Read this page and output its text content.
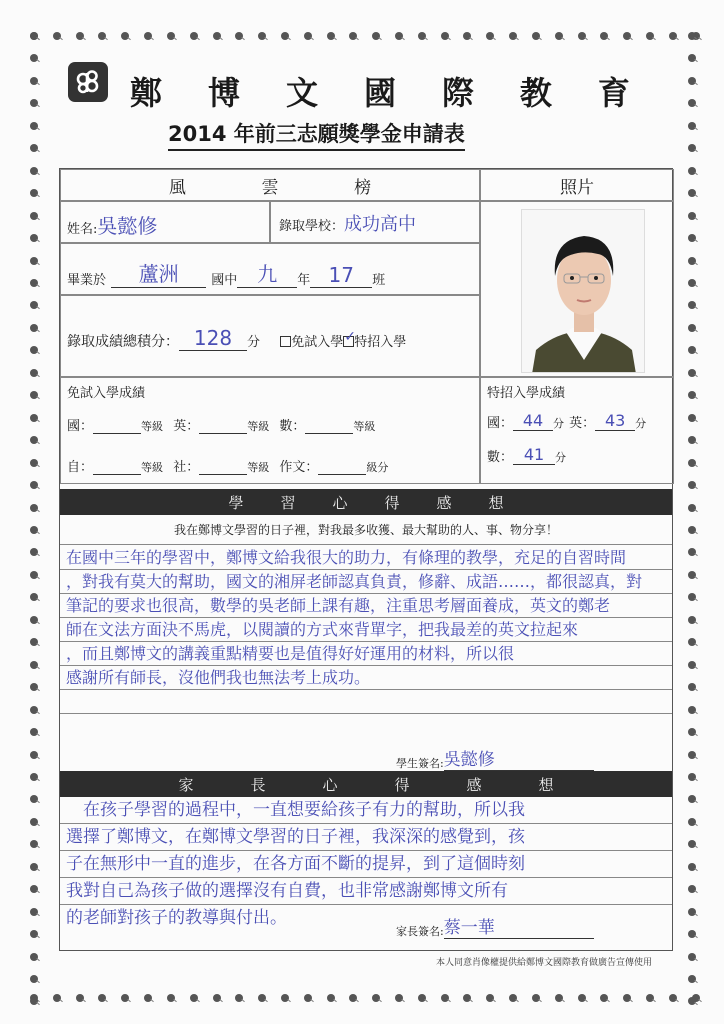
鄭 博 文 國 際 教 育
2014 年前三志願獎學金申請表
風	雲	榜	照片
姓名:吳懿修	錄取學校：成功高中
畢業於 蘆洲	國中 九 年 17 班
錄取成績總積分： 128 分 免試入學 ✓
特招入學
免試入學成績
國：	等級 英：	等級 數：	等級
自：	等級 社：	等級 作文：	級分
特招入學成績
國： 44 分 英： 43 分
數： 41 分
學 習 心 得 感 想
我在鄭博文學習的日子裡，對我最多收獲、最大幫助的人、事、物分享！
在國中三年的學習中，鄭博文給我很大的助力，有條理的教學，充足的自習時間
，對我有莫大的幫助，國文的湘屏老師認真負責，修辭、成語……，都很認真，對
筆記的要求也很高，數學的吳老師上課有趣，注重思考層面養成，英文的鄭老
師在文法方面決不馬虎，以閱讀的方式來背單字，把我最差的英文拉起來
，而且鄭博文的講義重點精要也是值得好好運用的材料，所以很
感謝所有師長，沒他們我也無法考上成功。
學生簽名:吳懿修
家	長	心	得	感	想
　在孩子學習的過程中，一直想要給孩子有力的幫助，所以我
選擇了鄭博文，在鄭博文學習的日子裡，我深深的感覺到，孩
子在無形中一直的進步，在各方面不斷的提昇，到了這個時刻
我對自己為孩子做的選擇沒有自費，也非常感謝鄭博文所有
的老師對孩子的教導與付出。
家長簽名:蔡一華
本人同意肖像權提供給鄭博文國際教育做廣告宣傳使用
